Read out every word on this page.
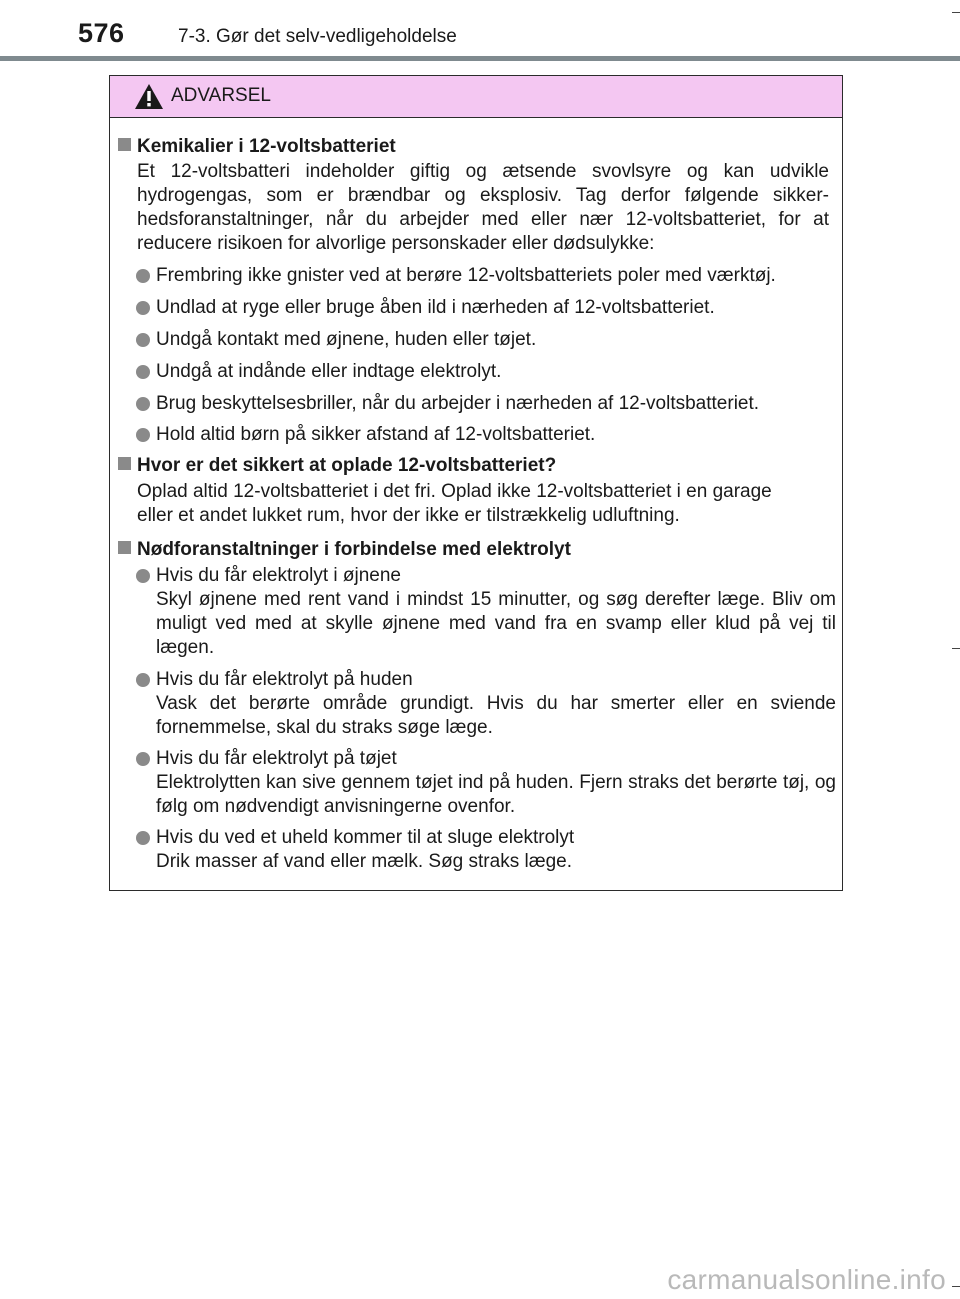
576	7-3. Gør det selv-vedligeholdelse
ADVARSEL
Kemikalier i 12-voltsbatteriet
Et 12-voltsbatteri indeholder giftig og ætsende svovlsyre og kan udvikle hydrogengas, som er brændbar og eksplosiv. Tag derfor følgende sikker-hedsforanstaltninger, når du arbejder med eller nær 12-voltsbatteriet, for at reducere risikoen for alvorlige personskader eller dødsulykke:
Frembring ikke gnister ved at berøre 12-voltsbatteriets poler med værktøj.
Undlad at ryge eller bruge åben ild i nærheden af 12-voltsbatteriet.
Undgå kontakt med øjnene, huden eller tøjet.
Undgå at indånde eller indtage elektrolyt.
Brug beskyttelsesbriller, når du arbejder i nærheden af 12-voltsbatteriet.
Hold altid børn på sikker afstand af 12-voltsbatteriet.
Hvor er det sikkert at oplade 12-voltsbatteriet?
Oplad altid 12-voltsbatteriet i det fri. Oplad ikke 12-voltsbatteriet i en garage
eller et andet lukket rum, hvor der ikke er tilstrækkelig udluftning.
Nødforanstaltninger i forbindelse med elektrolyt
Hvis du får elektrolyt i øjnene
Skyl øjnene med rent vand i mindst 15 minutter, og søg derefter læge. Bliv om muligt ved med at skylle øjnene med vand fra en svamp eller klud på vej til lægen.
Hvis du får elektrolyt på huden
Vask det berørte område grundigt. Hvis du har smerter eller en sviende fornemmelse, skal du straks søge læge.
Hvis du får elektrolyt på tøjet
Elektrolytten kan sive gennem tøjet ind på huden. Fjern straks det berørte tøj, og følg om nødvendigt anvisningerne ovenfor.
Hvis du ved et uheld kommer til at sluge elektrolyt
Drik masser af vand eller mælk. Søg straks læge.
carmanualsonline.info
